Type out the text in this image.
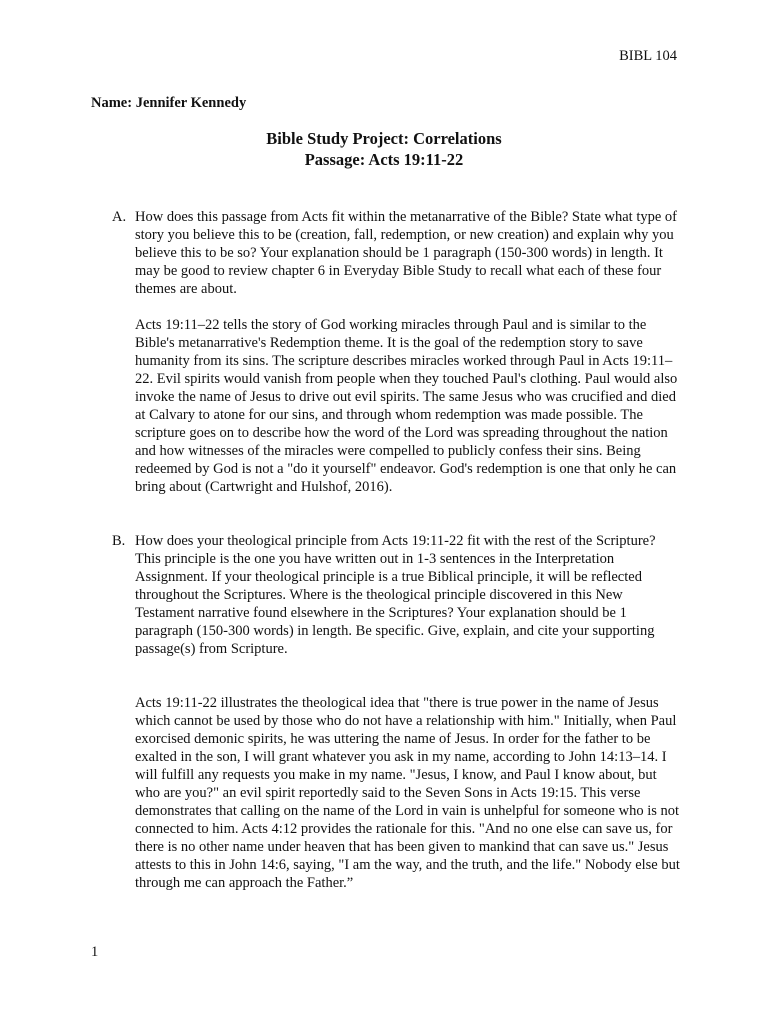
BIBL 104

Name: Jennifer Kennedy

Bible Study Project: Correlations
Passage: Acts 19:11-22
A. How does this passage from Acts fit within the metanarrative of the Bible? State what type of story you believe this to be (creation, fall, redemption, or new creation) and explain why you believe this to be so? Your explanation should be 1 paragraph (150-300 words) in length. It may be good to review chapter 6 in Everyday Bible Study to recall what each of these four themes are about.

Acts 19:11–22 tells the story of God working miracles through Paul and is similar to the Bible's metanarrative's Redemption theme. It is the goal of the redemption story to save humanity from its sins. The scripture describes miracles worked through Paul in Acts 19:11–22. Evil spirits would vanish from people when they touched Paul's clothing. Paul would also invoke the name of Jesus to drive out evil spirits. The same Jesus who was crucified and died at Calvary to atone for our sins, and through whom redemption was made possible. The scripture goes on to describe how the word of the Lord was spreading throughout the nation and how witnesses of the miracles were compelled to publicly confess their sins. Being redeemed by God is not a "do it yourself" endeavor. God's redemption is one that only he can bring about (Cartwright and Hulshof, 2016).

B. How does your theological principle from Acts 19:11-22 fit with the rest of the Scripture? This principle is the one you have written out in 1-3 sentences in the Interpretation Assignment. If your theological principle is a true Biblical principle, it will be reflected throughout the Scriptures. Where is the theological principle discovered in this New Testament narrative found elsewhere in the Scriptures? Your explanation should be 1 paragraph (150-300 words) in length. Be specific. Give, explain, and cite your supporting passage(s) from Scripture.

Acts 19:11-22 illustrates the theological idea that "there is true power in the name of Jesus which cannot be used by those who do not have a relationship with him." Initially, when Paul exorcised demonic spirits, he was uttering the name of Jesus. In order for the father to be exalted in the son, I will grant whatever you ask in my name, according to John 14:13–14. I will fulfill any requests you make in my name. "Jesus, I know, and Paul I know about, but who are you?" an evil spirit reportedly said to the Seven Sons in Acts 19:15. This verse demonstrates that calling on the name of the Lord in vain is unhelpful for someone who is not connected to him. Acts 4:12 provides the rationale for this. "And no one else can save us, for there is no other name under heaven that has been given to mankind that can save us." Jesus attests to this in John 14:6, saying, "I am the way, and the truth, and the life." Nobody else but through me can approach the Father.”

1
